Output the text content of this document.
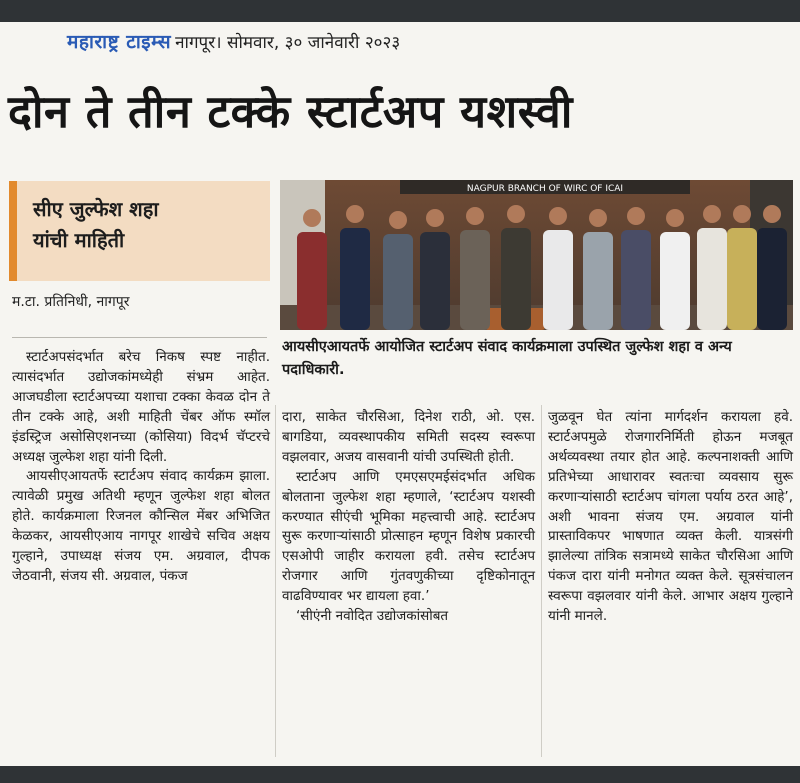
महाराष्ट्र टाइम्स नागपूर। सोमवार, ३० जानेवारी २०२३
दोन ते तीन टक्के स्टार्टअप यशस्वी
सीए जुल्फेश शहा
यांची माहिती
म.टा. प्रतिनिधी, नागपूर
NAGPUR BRANCH OF WIRC OF ICAI
आयसीएआयतर्फे आयोजित स्टार्टअप संवाद कार्यक्रमाला उपस्थित जुल्फेश शहा व अन्य पदाधिकारी.

स्टार्टअपसंदर्भात बरेच निकष स्पष्ट नाहीत. त्यासंदर्भात उद्योजकांमध्येही संभ्रम आहेत. आजघडीला स्टार्टअपच्या यशाचा टक्का केवळ दोन ते तीन टक्के आहे, अशी माहिती चेंबर ऑफ स्मॉल इंडस्ट्रिज असोसिएशनच्या (कोसिया) विदर्भ चॅप्टरचे अध्यक्ष जुल्फेश शहा यांनी दिली.

आयसीएआयतर्फे स्टार्टअप संवाद कार्यक्रम झाला. त्यावेळी प्रमुख अतिथी म्हणून जुल्फेश शहा बोलत होते. कार्यक्रमाला रिजनल कौन्सिल मेंबर अभिजित केळकर, आयसीएआय नागपूर शाखेचे सचिव अक्षय गुल्हाने, उपाध्यक्ष संजय एम. अग्रवाल, दीपक जेठवानी, संजय सी. अग्रवाल, पंकज

दारा, साकेत चौरसिआ, दिनेश राठी, ओ. एस. बागडिया, व्यवस्थापकीय समिती सदस्य स्वरूपा वझलवार, अजय वासवानी यांची उपस्थिती होती.

स्टार्टअप आणि एमएसएमईसंदर्भात अधिक बोलताना जुल्फेश शहा म्हणाले, ‘स्टार्टअप यशस्वी करण्यात सीएंची भूमिका महत्त्वाची आहे. स्टार्टअप सुरू करणाऱ्यांसाठी प्रोत्साहन म्हणून विशेष प्रकारची एसओपी जाहीर करायला हवी. तसेच स्टार्टअप रोजगार आणि गुंतवणुकीच्या दृष्टिकोनातून वाढविण्यावर भर द्यायला हवा.’

‘सीएंनी नवोदित उद्योजकांसोबत

जुळवून घेत त्यांना मार्गदर्शन करायला हवे. स्टार्टअपमुळे रोजगारनिर्मिती होऊन मजबूत अर्थव्यवस्था तयार होत आहे. कल्पनाशक्ती आणि प्रतिभेच्या आधारावर स्वतःचा व्यवसाय सुरू करणाऱ्यांसाठी स्टार्टअप चांगला पर्याय ठरत आहे’, अशी भावना संजय एम. अग्रवाल यांनी प्रास्ताविकपर भाषणात व्यक्त केली. यात्रसंगी झालेल्या तांत्रिक सत्रामध्ये साकेत चौरसिआ आणि पंकज दारा यांनी मनोगत व्यक्त केले. सूत्रसंचालन स्वरूपा वझलवार यांनी केले. आभार अक्षय गुल्हाने यांनी मानले.
